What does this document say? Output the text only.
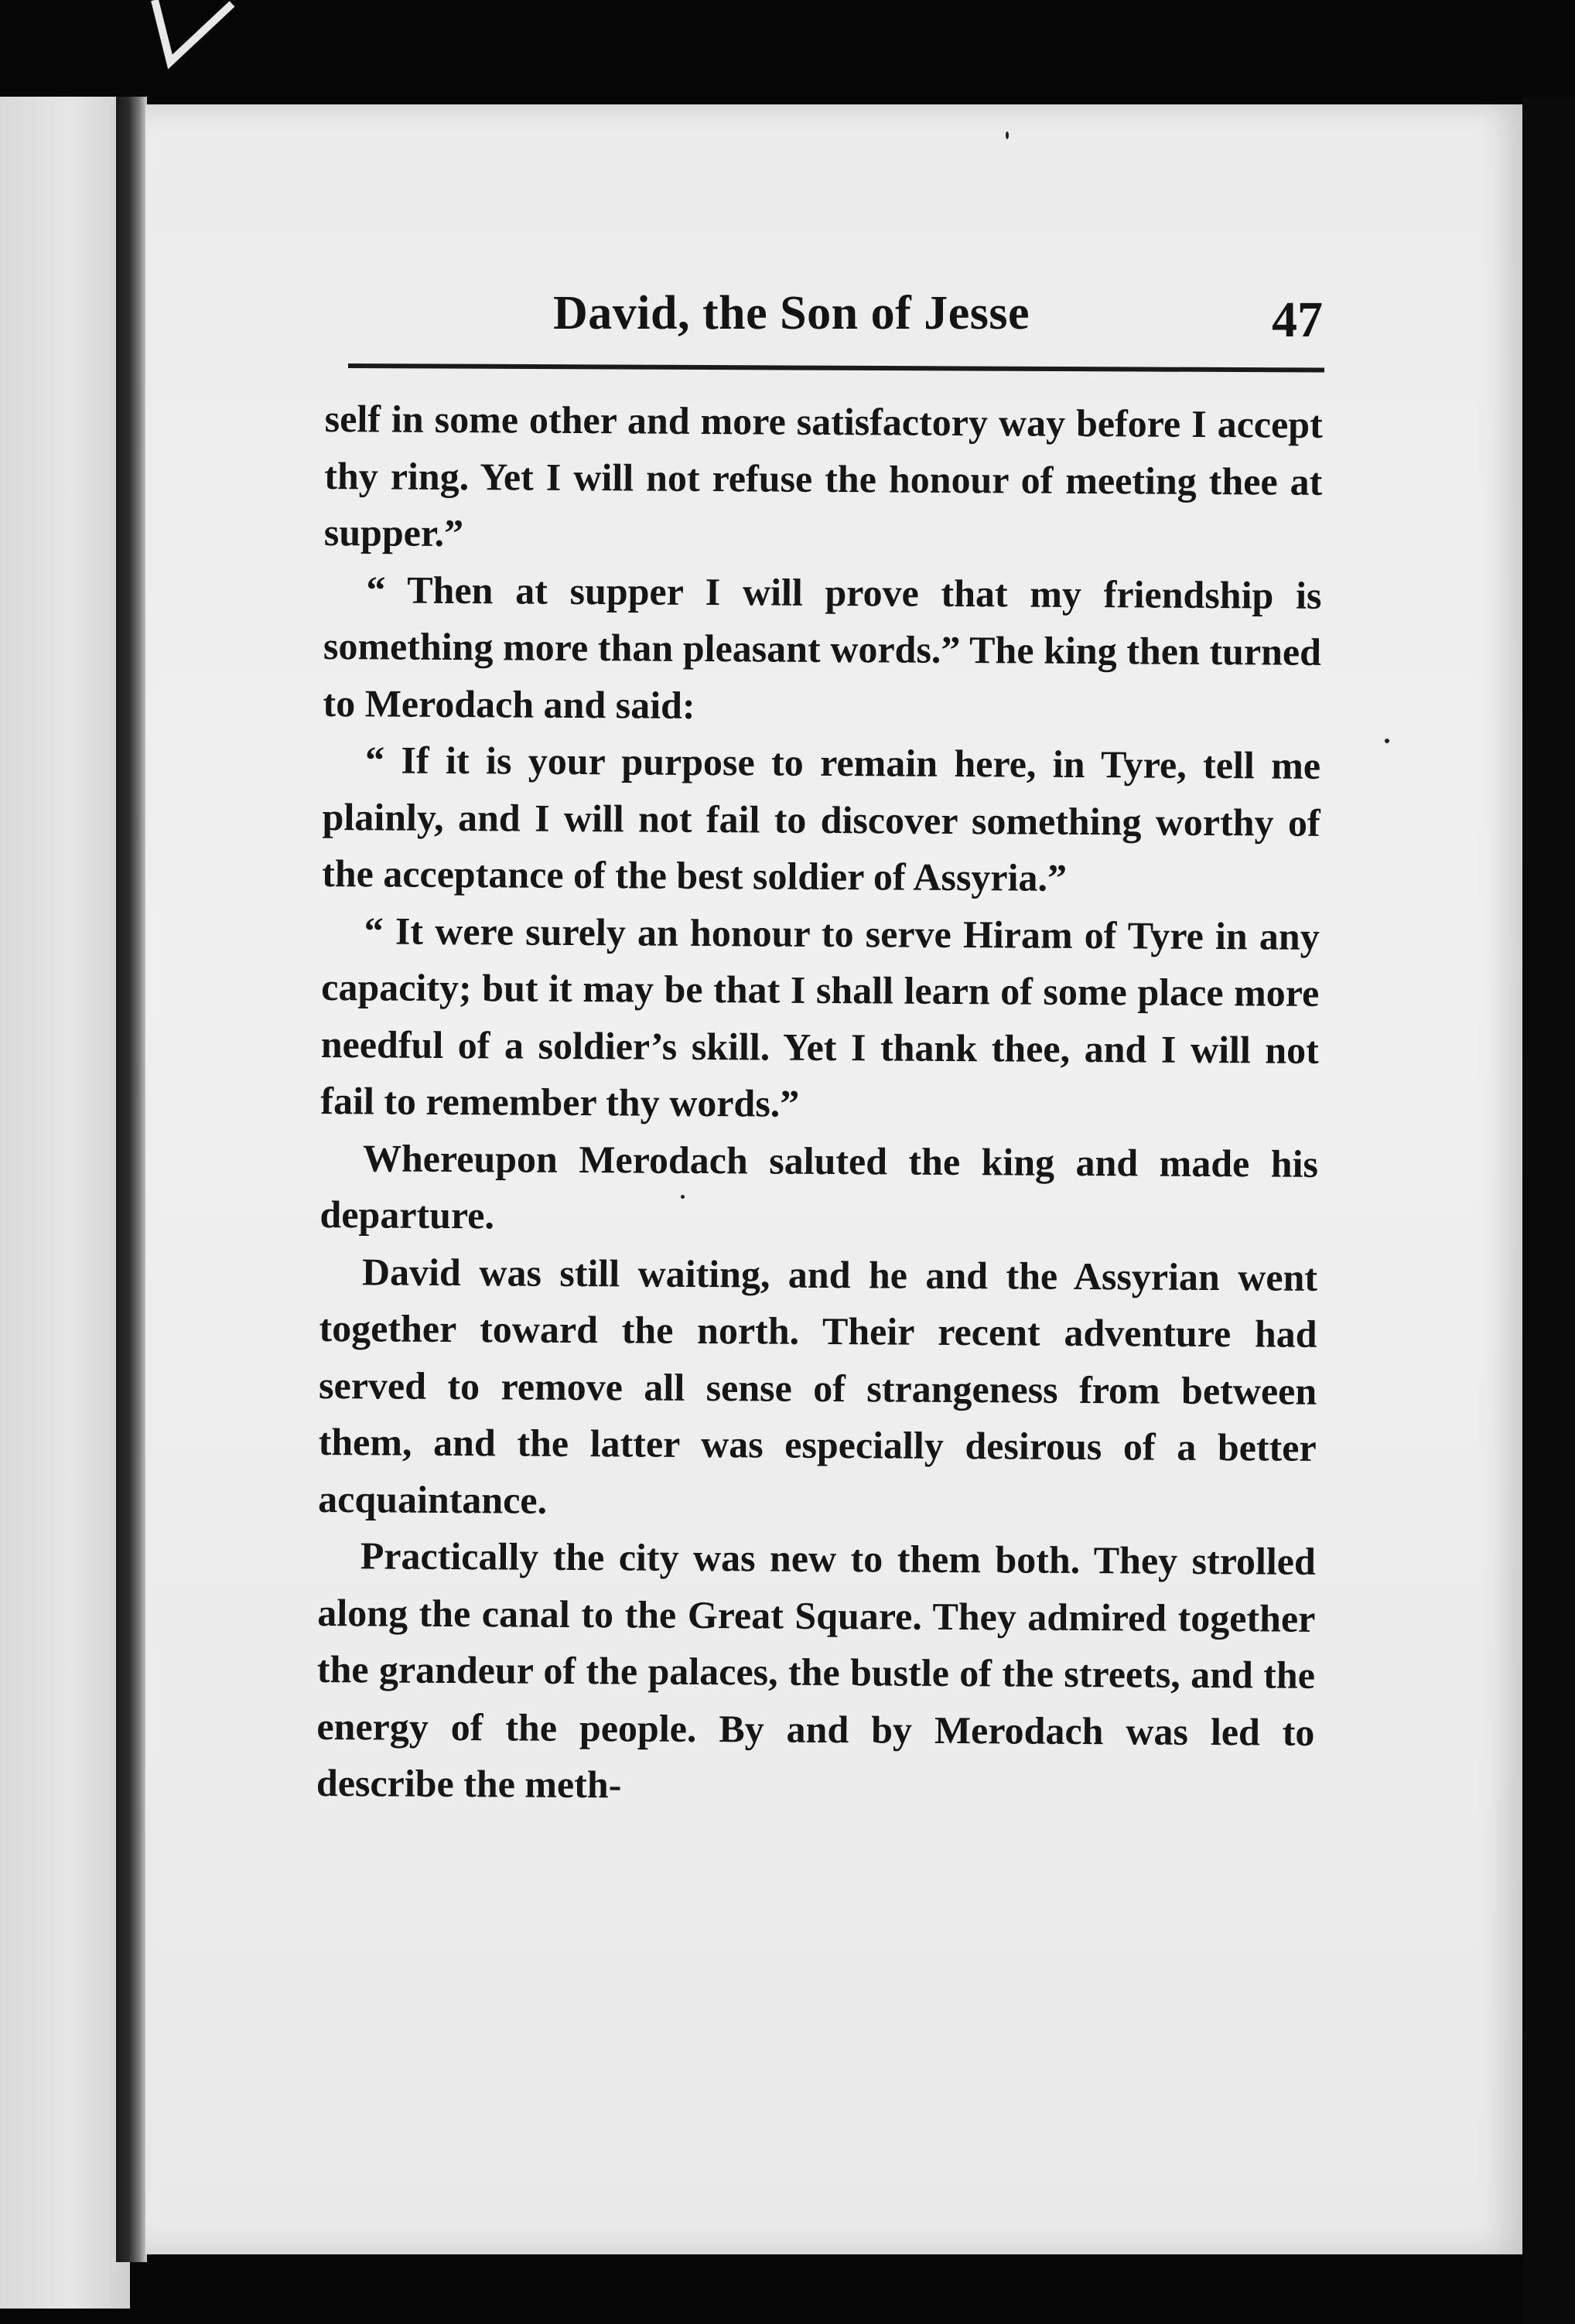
David, the Son of Jesse	47

self in some other and more satisfactory way before I accept thy ring. Yet I will not refuse the honour of meeting thee at supper.”

“ Then at supper I will prove that my friendship is something more than pleasant words.” The king then turned to Merodach and said:

“ If it is your purpose to remain here, in Tyre, tell me plainly, and I will not fail to discover something worthy of the acceptance of the best soldier of Assyria.”

“ It were surely an honour to serve Hiram of Tyre in any capacity; but it may be that I shall learn of some place more needful of a soldier’s skill. Yet I thank thee, and I will not fail to remember thy words.”

Whereupon Merodach saluted the king and made his departure.

David was still waiting, and he and the Assyrian went together toward the north. Their recent adventure had served to remove all sense of strangeness from between them, and the latter was especially desirous of a better acquaintance.

Practically the city was new to them both. They strolled along the canal to the Great Square. They admired together the grandeur of the palaces, the bustle of the streets, and the energy of the people. By and by Merodach was led to describe the meth-
